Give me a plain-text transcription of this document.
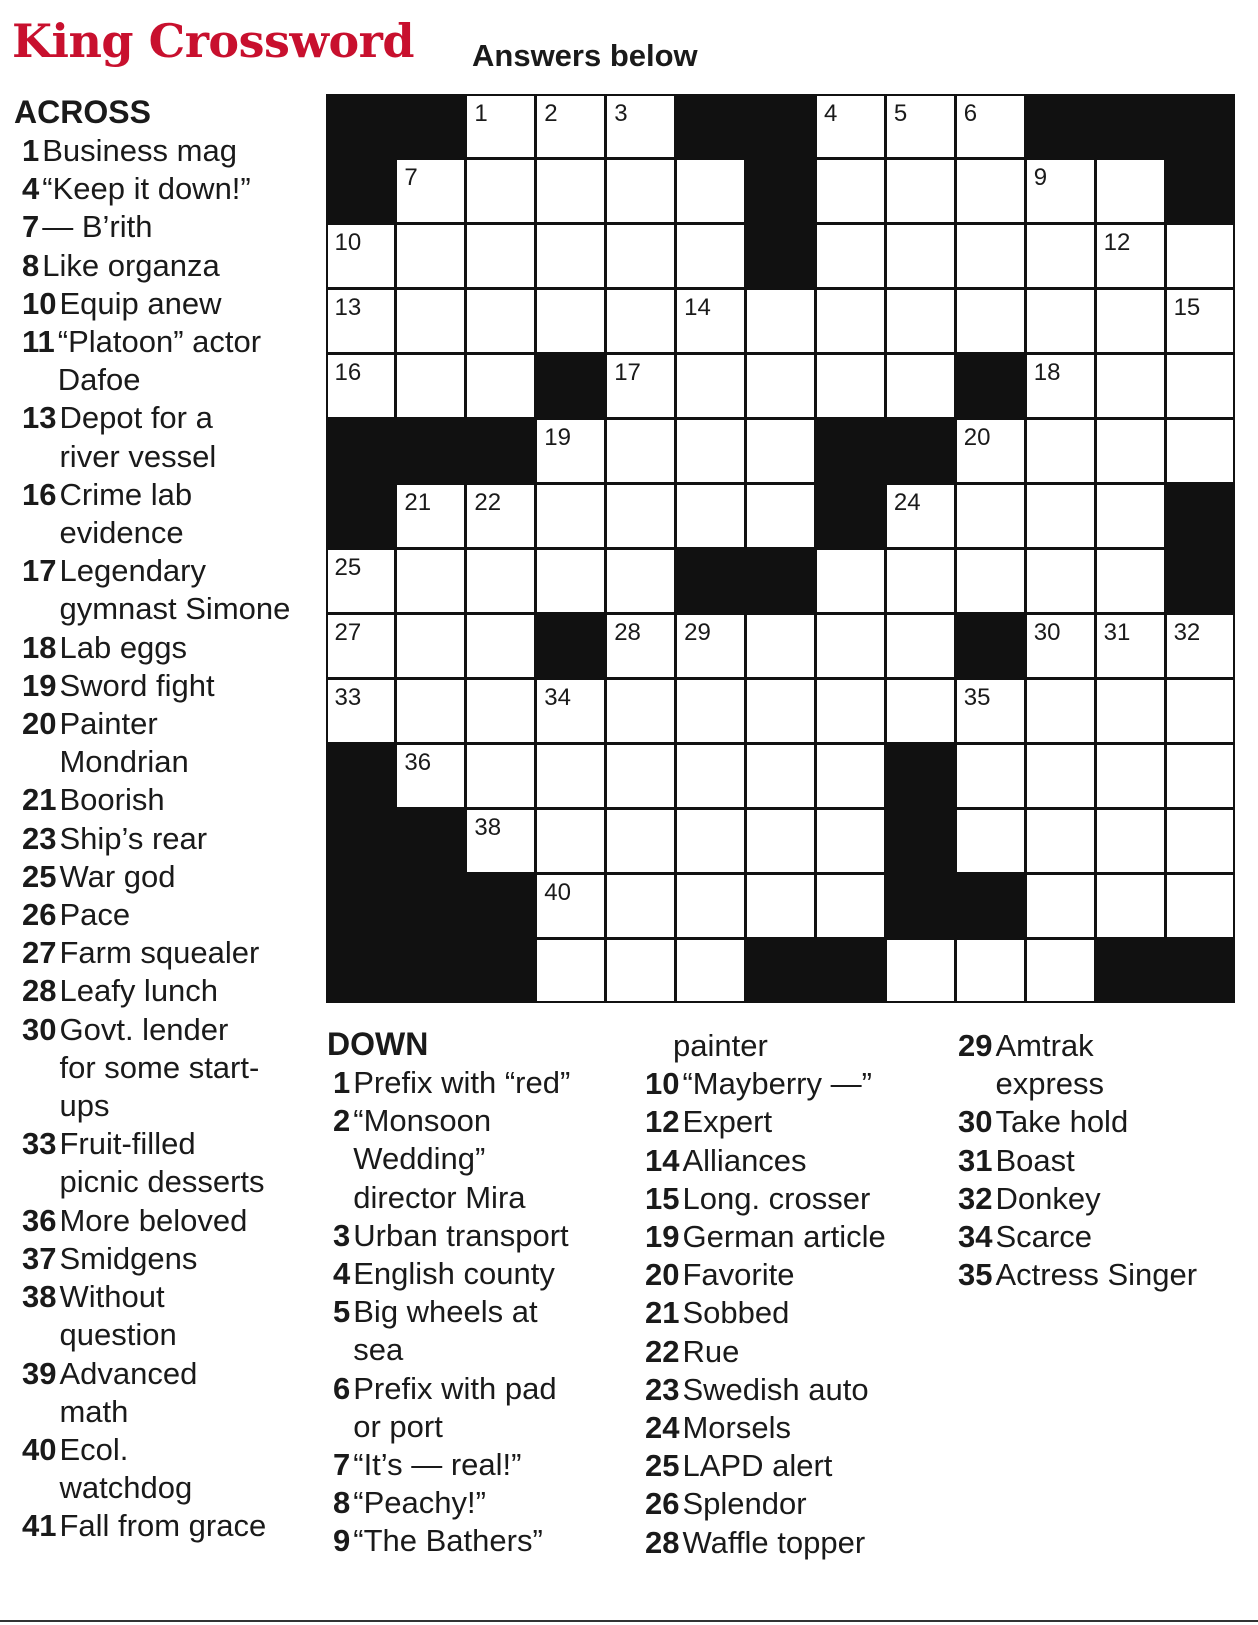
King Crossword Answers below
ACROSS
1 Business mag
4 “Keep it down!”
7 — B’rith
8 Like organza
10 Equip anew
11 “Platoon” actor
Dafoe
13 Depot for a
river vessel
16 Crime lab
evidence
17 Legendary
gymnast Simone
18 Lab eggs
19 Sword fight
20 Painter
Mondrian
21 Boorish
23 Ship’s rear
25 War god
26 Pace
27 Farm squealer
28 Leafy lunch
30 Govt. lender
for some start-
ups
33 Fruit-filled
picnic desserts
36 More beloved
37 Smidgens
38 Without
question
39 Advanced
math
40 Ecol.
watchdog
41 Fall from grace
1 2 3	4 5 6
7	9
10	12
13	14	15
16	17	18
19	20
21 22	24
25
27	28 29	30 31 32
33	34	35
36
38
40
DOWN
1 Prefix with “red”
2 “Monsoon
Wedding”
director Mira
3 Urban transport
4 English county
5 Big wheels at
sea
6 Prefix with pad
or port
7 “It’s — real!”
8 “Peachy!”
9 “The Bathers”
painter
10 “Mayberry —”
12 Expert
14 Alliances
15 Long. crosser
19 German article
20 Favorite
21 Sobbed
22 Rue
23 Swedish auto
24 Morsels
25 LAPD alert
26 Splendor
28 Waffle topper
29 Amtrak
express
30 Take hold
31 Boast
32 Donkey
34 Scarce
35 Actress Singer
